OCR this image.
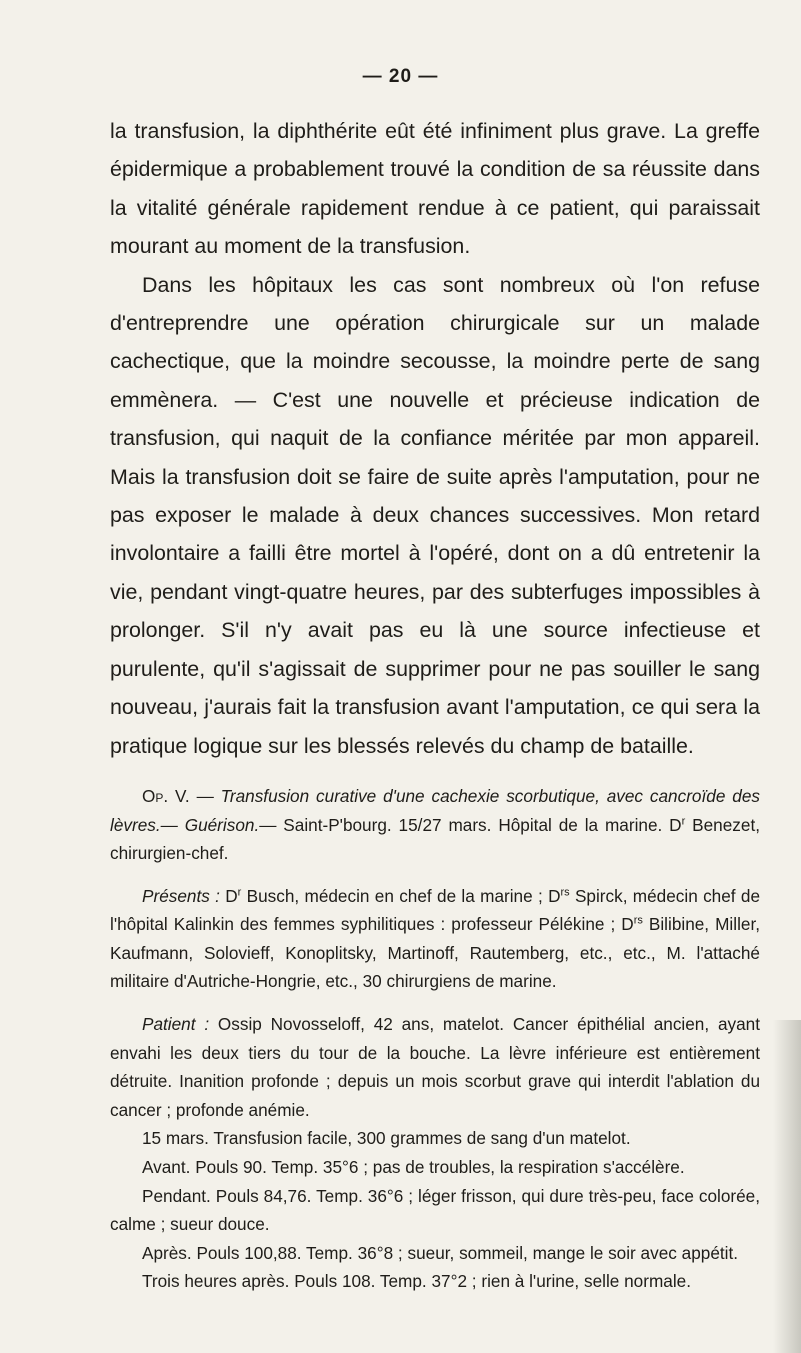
— 20 —

la transfusion, la diphthérite eût été infiniment plus grave. La greffe épidermique a probablement trouvé la condition de sa réussite dans la vitalité générale rapidement rendue à ce patient, qui paraissait mourant au moment de la transfusion.

Dans les hôpitaux les cas sont nombreux où l'on refuse d'entreprendre une opération chirurgicale sur un malade cachectique, que la moindre secousse, la moindre perte de sang emmènera. — C'est une nouvelle et précieuse indication de transfusion, qui naquit de la confiance méritée par mon appareil. Mais la transfusion doit se faire de suite après l'amputation, pour ne pas exposer le malade à deux chances successives. Mon retard involontaire a failli être mortel à l'opéré, dont on a dû entretenir la vie, pendant vingt-quatre heures, par des subterfuges impossibles à prolonger. S'il n'y avait pas eu là une source infectieuse et purulente, qu'il s'agissait de supprimer pour ne pas souiller le sang nouveau, j'aurais fait la transfusion avant l'amputation, ce qui sera la pratique logique sur les blessés relevés du champ de bataille.

Op. V. — Transfusion curative d'une cachexie scorbutique, avec cancroïde des lèvres.— Guérison.— Saint-P'bourg. 15/27 mars. Hôpital de la marine. $D^r$ Benezet, chirurgien-chef.

Présents : $D^r$ Busch, médecin en chef de la marine ; $D^{rs}$ Spirck, médecin chef de l'hôpital Kalinkin des femmes syphilitiques : professeur Pélékine ; $D^{rs}$ Bilibine, Miller, Kaufmann, Solovieff, Konoplitsky, Martinoff, Rautemberg, etc., etc., M. l'attaché militaire d'Autriche-Hongrie, etc., 30 chirurgiens de marine.

Patient : Ossip Novosseloff, 42 ans, matelot. Cancer épithélial ancien, ayant envahi les deux tiers du tour de la bouche. La lèvre inférieure est entièrement détruite. Inanition profonde ; depuis un mois scorbut grave qui interdit l'ablation du cancer ; profonde anémie.

15 mars. Transfusion facile, 300 grammes de sang d'un matelot.

Avant. Pouls 90. Temp. 35°6 ; pas de troubles, la respiration s'accélère.

Pendant. Pouls 84,76. Temp. 36°6 ; léger frisson, qui dure très-peu, face colorée, calme ; sueur douce.

Après. Pouls 100,88. Temp. 36°8 ; sueur, sommeil, mange le soir avec appétit.

Trois heures après. Pouls 108. Temp. 37°2 ; rien à l'urine, selle normale.
